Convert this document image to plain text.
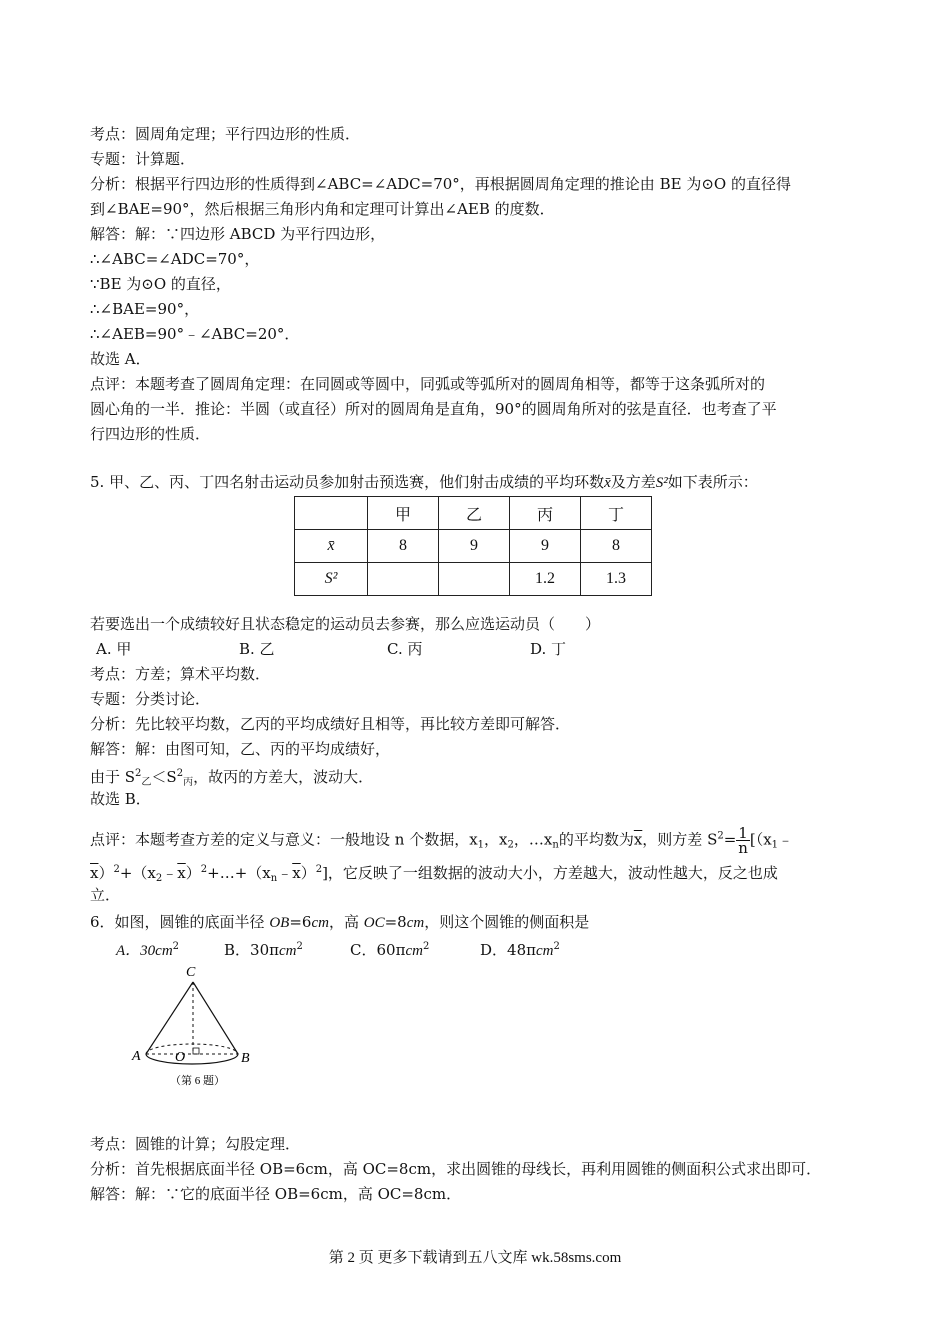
考点：圆周角定理；平行四边形的性质．
专题：计算题．
分析：根据平行四边形的性质得到∠ABC=∠ADC=70°，再根据圆周角定理的推论由 BE 为⊙O 的直径得
到∠BAE=90°，然后根据三角形内角和定理可计算出∠AEB 的度数．
解答：解：∵四边形 ABCD 为平行四边形，
∴∠ABC=∠ADC=70°，
∵BE 为⊙O 的直径，
∴∠BAE=90°，
∴∠AEB=90°﹣∠ABC=20°．
故选 A．
点评：本题考查了圆周角定理：在同圆或等圆中，同弧或等弧所对的圆周角相等，都等于这条弧所对的
圆心角的一半．推论：半圆（或直径）所对的圆周角是直角，90°的圆周角所对的弦是直径．也考查了平
行四边形的性质．
5. 甲、乙、丙、丁四名射击运动员参加射击预选赛，他们射击成绩的平均环数x̄及方差S²如下表所示：
	甲	乙	丙	丁
x̄	8	9	9	8
S²			1.2	1.3
若要选出一个成绩较好且状态稳定的运动员去参赛，那么应选运动员（　　）
A. 甲	B. 乙	C. 丙	D. 丁
考点：方差；算术平均数．
专题：分类讨论．
分析：先比较平均数，乙丙的平均成绩好且相等，再比较方差即可解答．
解答：解：由图可知，乙、丙的平均成绩好，
由于 $S^2_乙<S^2_丙$，故丙的方差大，波动大．
故选 B．
点评：本题考查方差的定义与意义：一般地设 n 个数据，$x_1$，$x_2$，$\dots x_n$的平均数为$\overline{x}$，则方差 $S^2= \frac{1}{n}$ [（$x_1﹣$
$\overline{x})^2+(x_2﹣\overline{x})^2+\dots+(x_n﹣\overline{x})^2$]，它反映了一组数据的波动大小，方差越大，波动性越大，反之也成
立．
6．如图，圆锥的底面半径 OB=6cm，高 OC=8cm，则这个圆锥的侧面积是
A．$30cm^2$	B．30πcm$^2$	C．60πcm$^2$	D．48πcm$^2$
C
A O	B
（第 6 题）
考点：圆锥的计算；勾股定理．
分析：首先根据底面半径 OB=6cm，高 OC=8cm，求出圆锥的母线长，再利用圆锥的侧面积公式求出即可．
解答：解：∵它的底面半径 OB=6cm，高 OC=8cm．
第 2 页 更多下载请到五八文库 wk.58sms.com
